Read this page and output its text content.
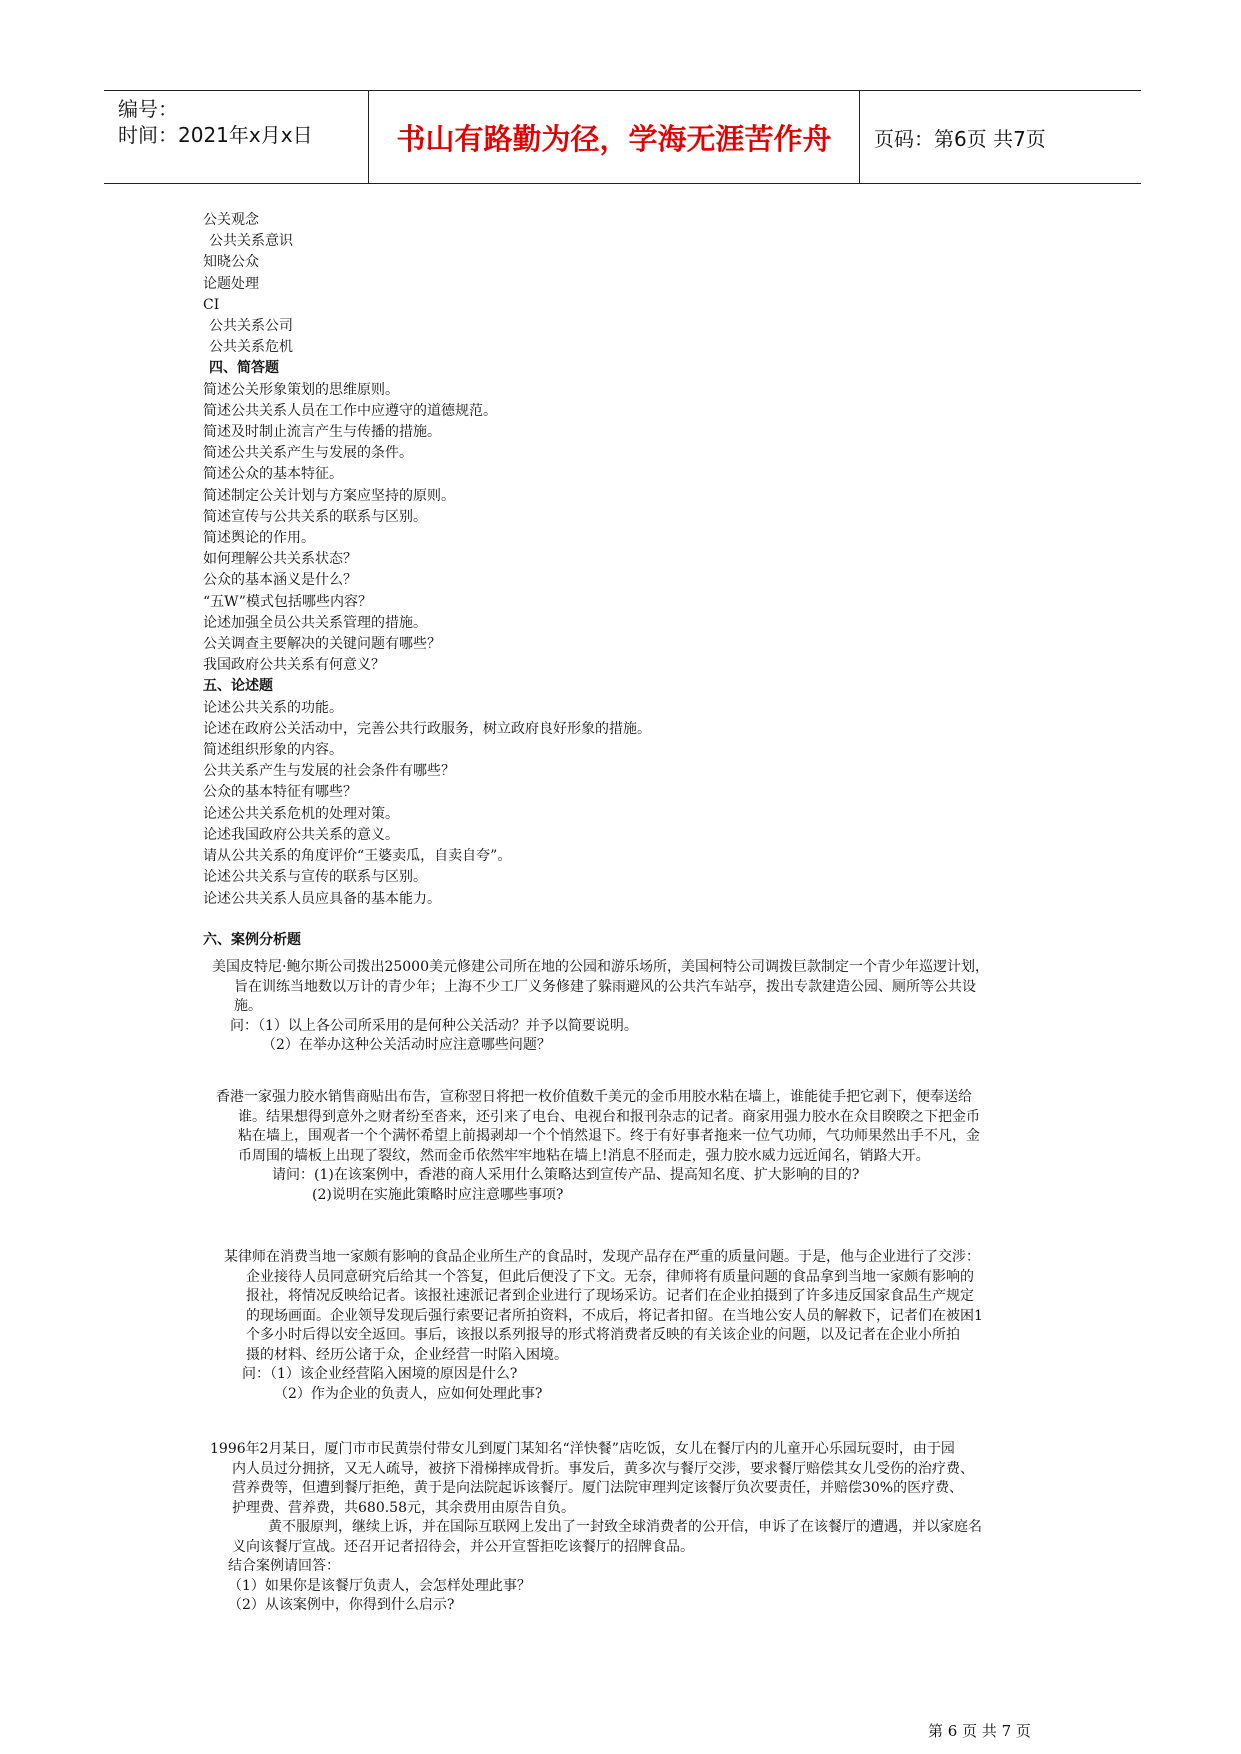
编号：
时间：2021年x月x日	书山有路勤为径，学海无涯苦作舟	页码：第6页 共7页
公关观念
公共关系意识
知晓公众
论题处理
CI
公共关系公司
公共关系危机
四、简答题
简述公关形象策划的思维原则。
简述公共关系人员在工作中应遵守的道德规范。
简述及时制止流言产生与传播的措施。
简述公共关系产生与发展的条件。
简述公众的基本特征。
简述制定公关计划与方案应坚持的原则。
简述宣传与公共关系的联系与区别。
简述舆论的作用。
如何理解公共关系状态？
公众的基本涵义是什么？
“五W”模式包括哪些内容？
论述加强全员公共关系管理的措施。
公关调查主要解决的关键问题有哪些？
我国政府公共关系有何意义？
五、论述题
论述公共关系的功能。
论述在政府公关活动中，完善公共行政服务，树立政府良好形象的措施。
简述组织形象的内容。
公共关系产生与发展的社会条件有哪些？
公众的基本特征有哪些？
论述公共关系危机的处理对策。
论述我国政府公共关系的意义。
请从公共关系的角度评价“王婆卖瓜，自卖自夸”。
论述公共关系与宣传的联系与区别。
论述公共关系人员应具备的基本能力。
六、案例分析题

美国皮特尼·鲍尔斯公司拨出25000美元修建公司所在地的公园和游乐场所，美国柯特公司调拨巨款制定一个青少年巡逻计划，

旨在训练当地数以万计的青少年；上海不少工厂义务修建了躲雨避风的公共汽车站亭，拨出专款建造公园、厕所等公共设

施。

问：（1）以上各公司所采用的是何种公关活动？并予以简要说明。

（2）在举办这种公关活动时应注意哪些问题？

香港一家强力胶水销售商贴出布告，宣称翌日将把一枚价值数千美元的金币用胶水粘在墙上，谁能徒手把它剥下，便奉送给

谁。结果想得到意外之财者纷至沓来，还引来了电台、电视台和报刊杂志的记者。商家用强力胶水在众目睽睽之下把金币

粘在墙上，围观者一个个满怀希望上前揭剥却一个个悄然退下。终于有好事者拖来一位气功师，气功师果然出手不凡，金

币周围的墙板上出现了裂纹，然而金币依然牢牢地粘在墙上!消息不胫而走，强力胶水威力远近闻名，销路大开。

请问：(1)在该案例中，香港的商人采用什么策略达到宣传产品、提高知名度、扩大影响的目的?

(2)说明在实施此策略时应注意哪些事项?

某律师在消费当地一家颇有影响的食品企业所生产的食品时，发现产品存在严重的质量问题。于是，他与企业进行了交涉：

企业接待人员同意研究后给其一个答复，但此后便没了下文。无奈，律师将有质量问题的食品拿到当地一家颇有影响的

报社，将情况反映给记者。该报社速派记者到企业进行了现场采访。记者们在企业拍摄到了许多违反国家食品生产规定

的现场画面。企业领导发现后强行索要记者所拍资料，不成后，将记者扣留。在当地公安人员的解救下，记者们在被困1

个多小时后得以安全返回。事后，该报以系列报导的形式将消费者反映的有关该企业的问题，以及记者在企业小所拍

摄的材料、经历公诸于众，企业经营一时陷入困境。

问：（1）该企业经营陷入困境的原因是什么?

（2）作为企业的负责人，应如何处理此事?

1996年2月某日，厦门市市民黄崇付带女儿到厦门某知名“洋快餐”店吃饭，女儿在餐厅内的儿童开心乐园玩耍时，由于园

内人员过分拥挤，又无人疏导，被挤下滑梯摔成骨折。事发后，黄多次与餐厅交涉，要求餐厅赔偿其女儿受伤的治疗费、

营养费等，但遭到餐厅拒绝，黄于是向法院起诉该餐厅。厦门法院审理判定该餐厅负次要责任，并赔偿30%的医疗费、

护理费、营养费，共680.58元，其余费用由原告自负。

黄不服原判，继续上诉，并在国际互联网上发出了一封致全球消费者的公开信，申诉了在该餐厅的遭遇，并以家庭名

义向该餐厅宣战。还召开记者招待会，并公开宣誓拒吃该餐厅的招牌食品。

结合案例请回答：

（1）如果你是该餐厅负责人，会怎样处理此事？

（2）从该案例中，你得到什么启示?

第 6 页 共 7 页
